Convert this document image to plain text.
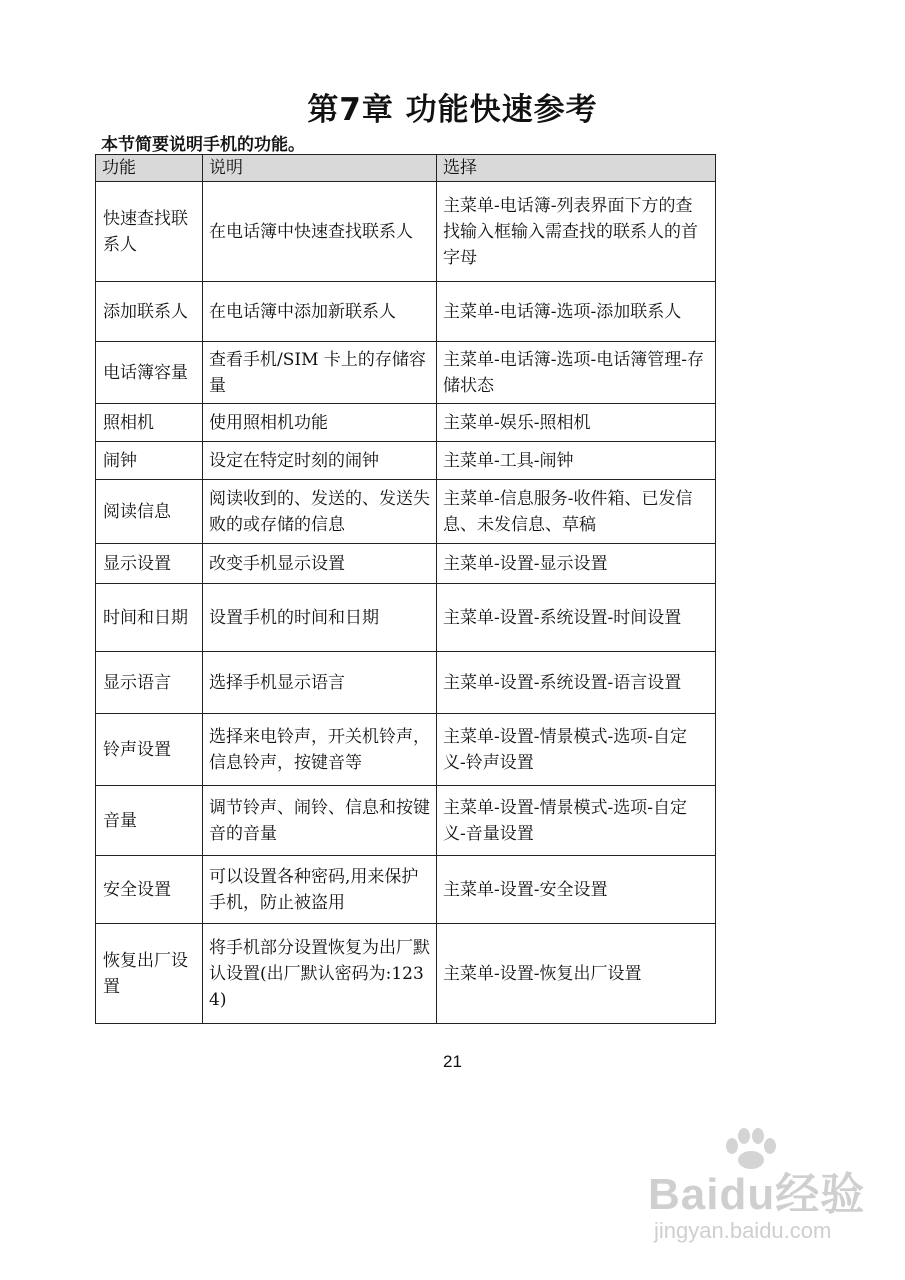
第7章 功能快速参考
本节简要说明手机的功能。
功能	说明	选择
快速查找联系人	在电话簿中快速查找联系人	主菜单-电话簿-列表界面下方的查找输入框输入需查找的联系人的首字母
添加联系人	在电话簿中添加新联系人	主菜单-电话簿-选项-添加联系人
电话簿容量	查看手机/SIM 卡上的存储容量	主菜单-电话簿-选项-电话簿管理-存储状态
照相机	使用照相机功能	主菜单-娱乐-照相机
闹钟	设定在特定时刻的闹钟	主菜单-工具-闹钟
阅读信息	阅读收到的、发送的、发送失败的或存储的信息	主菜单-信息服务-收件箱、已发信息、未发信息、草稿
显示设置	改变手机显示设置	主菜单-设置-显示设置
时间和日期	设置手机的时间和日期	主菜单-设置-系统设置-时间设置
显示语言	选择手机显示语言	主菜单-设置-系统设置-语言设置
铃声设置	选择来电铃声，开关机铃声，信息铃声，按键音等	主菜单-设置-情景模式-选项-自定义-铃声设置
音量	调节铃声、闹铃、信息和按键音的音量	主菜单-设置-情景模式-选项-自定义-音量设置
安全设置	可以设置各种密码,用来保护手机，防止被盗用	主菜单-设置-安全设置
恢复出厂设置	将手机部分设置恢复为出厂默认设置(出厂默认密码为:1234)	主菜单-设置-恢复出厂设置
21
Baidu经验
jingyan.baidu.com
